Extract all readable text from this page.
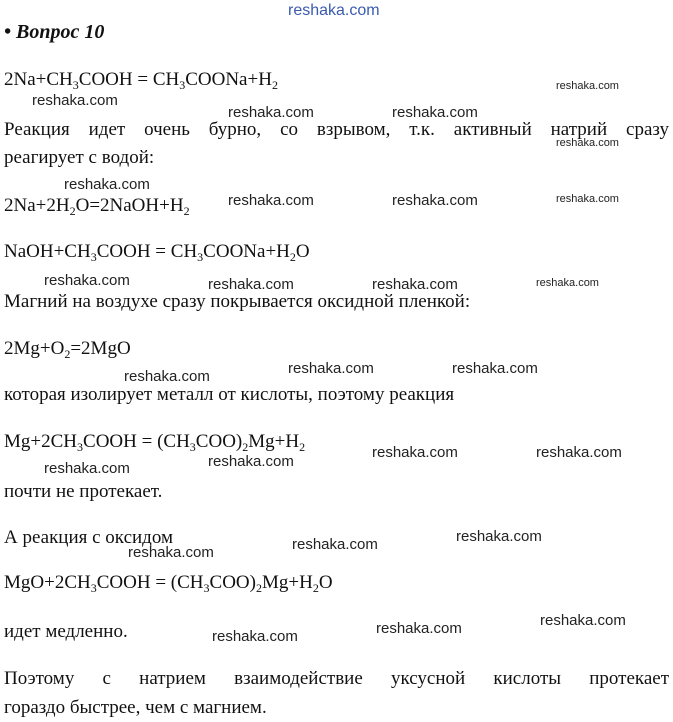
reshaka.com
• Вопрос 10
$2Na+CH_3COOH$ = $CH_3COONa+H_2$
Реакция идет очень бурно, со взрывом, т.к. активный натрий сразу
реагирует с водой:
$2Na+2H_2O=2NaOH+H_2$
$NaOH+CH_3COOH$ = $CH_3COONa+H_2O$
Магний на воздухе сразу покрывается оксидной пленкой:
$2Mg+O_2=2MgO$
которая изолирует металл от кислоты, поэтому реакция
$Mg+2CH_3COOH = (CH_3COO)_2Mg+H_2$
почти не протекает.
А реакция с оксидом
$MgO+2CH_3COOH = (CH_3COO)_2Mg+H_2O$
идет медленно.
Поэтому с натрием взаимодействие уксусной кислоты протекает
гораздо быстрее, чем с магнием.
reshaka.com
reshaka.com
reshaka.com	reshaka.com
reshaka.com
reshaka.com
reshaka.com	reshaka.com	reshaka.com
reshaka.com	reshaka.com	reshaka.com	reshaka.com
reshaka.com	reshaka.com
reshaka.com
reshaka.com	reshaka.com
reshaka.com
reshaka.com
reshaka.com
reshaka.com
reshaka.com
reshaka.com
reshaka.com
reshaka.com
